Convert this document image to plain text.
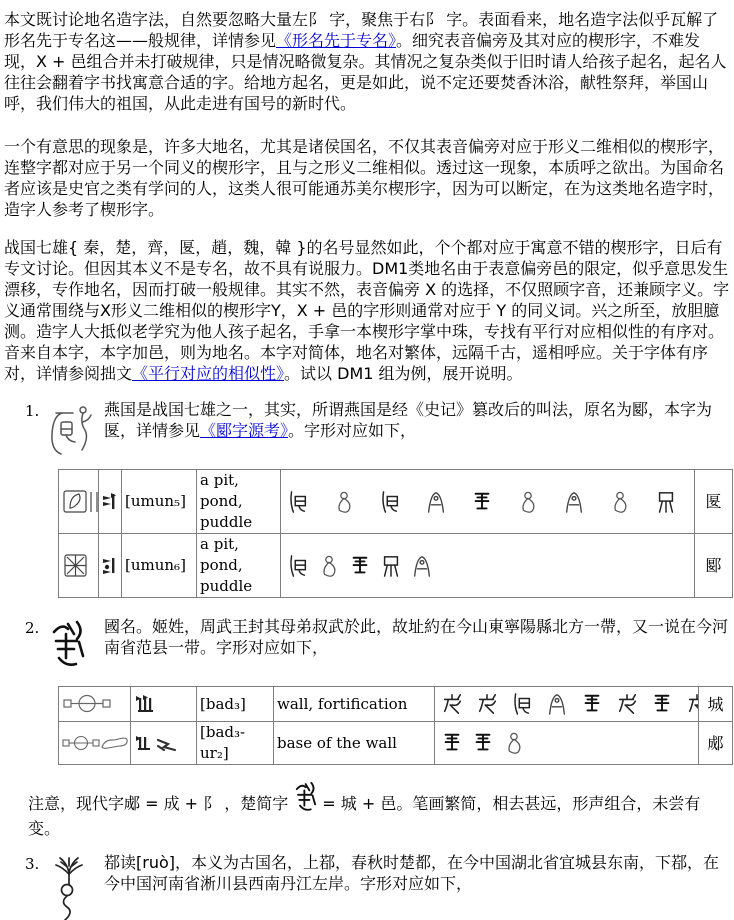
本文既讨论地名造字法，自然要忽略大量左阝 字，聚焦于右阝 字。表面看来，地名造字法似乎瓦解了形名先于专名这——般规律，详情参见《形名先于专名》。细究表音偏旁及其对应的楔形字，不难发现，X + 邑组合并未打破规律，只是情况略微复杂。其情况之复杂类似于旧时请人给孩子起名，起名人往往会翻着字书找寓意合适的字。给地方起名，更是如此，说不定还要焚香沐浴，献牲祭拜，举国山呼，我们伟大的祖国，从此走进有国号的新时代。

一个有意思的现象是，许多大地名，尤其是诸侯国名，不仅其表音偏旁对应于形义二维相似的楔形字，连整字都对应于另一个同义的楔形字，且与之形义二维相似。透过这一现象，本质呼之欲出。为国命名者应该是史官之类有学问的人，这类人很可能通苏美尔楔形字，因为可以断定，在为这类地名造字时，造字人参考了楔形字。

战国七雄{ 秦，楚，齊，匽，趙，魏，韓 }的名号显然如此，个个都对应于寓意不错的楔形字，日后有专文讨论。但因其本义不是专名，故不具有说服力。DM1类地名由于表意偏旁邑的限定，似乎意思发生漂移，专作地名，因而打破一般规律。其实不然，表音偏旁 X 的选择，不仅照顾字音，还兼顾字义。字义通常围绕与X形义二维相似的楔形字Y，X + 邑的字形则通常对应于 Y 的同义词。兴之所至，放胆臆测。造字人大抵似老学究为他人孩子起名，手拿一本楔形字掌中珠，专找有平行对应相似性的有序对。音来自本字，本字加邑，则为地名。本字对简体，地名对繁体，远隔千古，遥相呼应。关于字体有序对，详情参阅拙文《平行对应的相似性》。试以 DM1 组为例，展开说明。

1.	燕国是战国七雄之一，其实，所谓燕国是经《史记》篡改后的叫法，原名为郾，本字为匽，详情参见《郾字源考》。字形对应如下，

	[umun₅]	a pit, pond, puddle		匽

	[umun₆]	a pit, pond, puddle		郾
2.	國名。姬姓，周武王封其母弟叔武於此，故址約在今山東寧陽縣北方一帶，又一说在今河南省范县一带。字形对应如下，

	[bad₃]	wall, fortification		城

	[bad₃-ur₂]	base of the wall		郕
注意，现代字郕 = 成 + 阝 ，楚简字 = 城 + 邑。笔画繁简，相去甚远，形声组合，未尝有变。
3.	鄀读[ruò]，本义为古国名，上鄀，春秋时楚都，在今中国湖北省宜城县东南，下鄀，在今中国河南省淅川县西南丹江左岸。字形对应如下，
